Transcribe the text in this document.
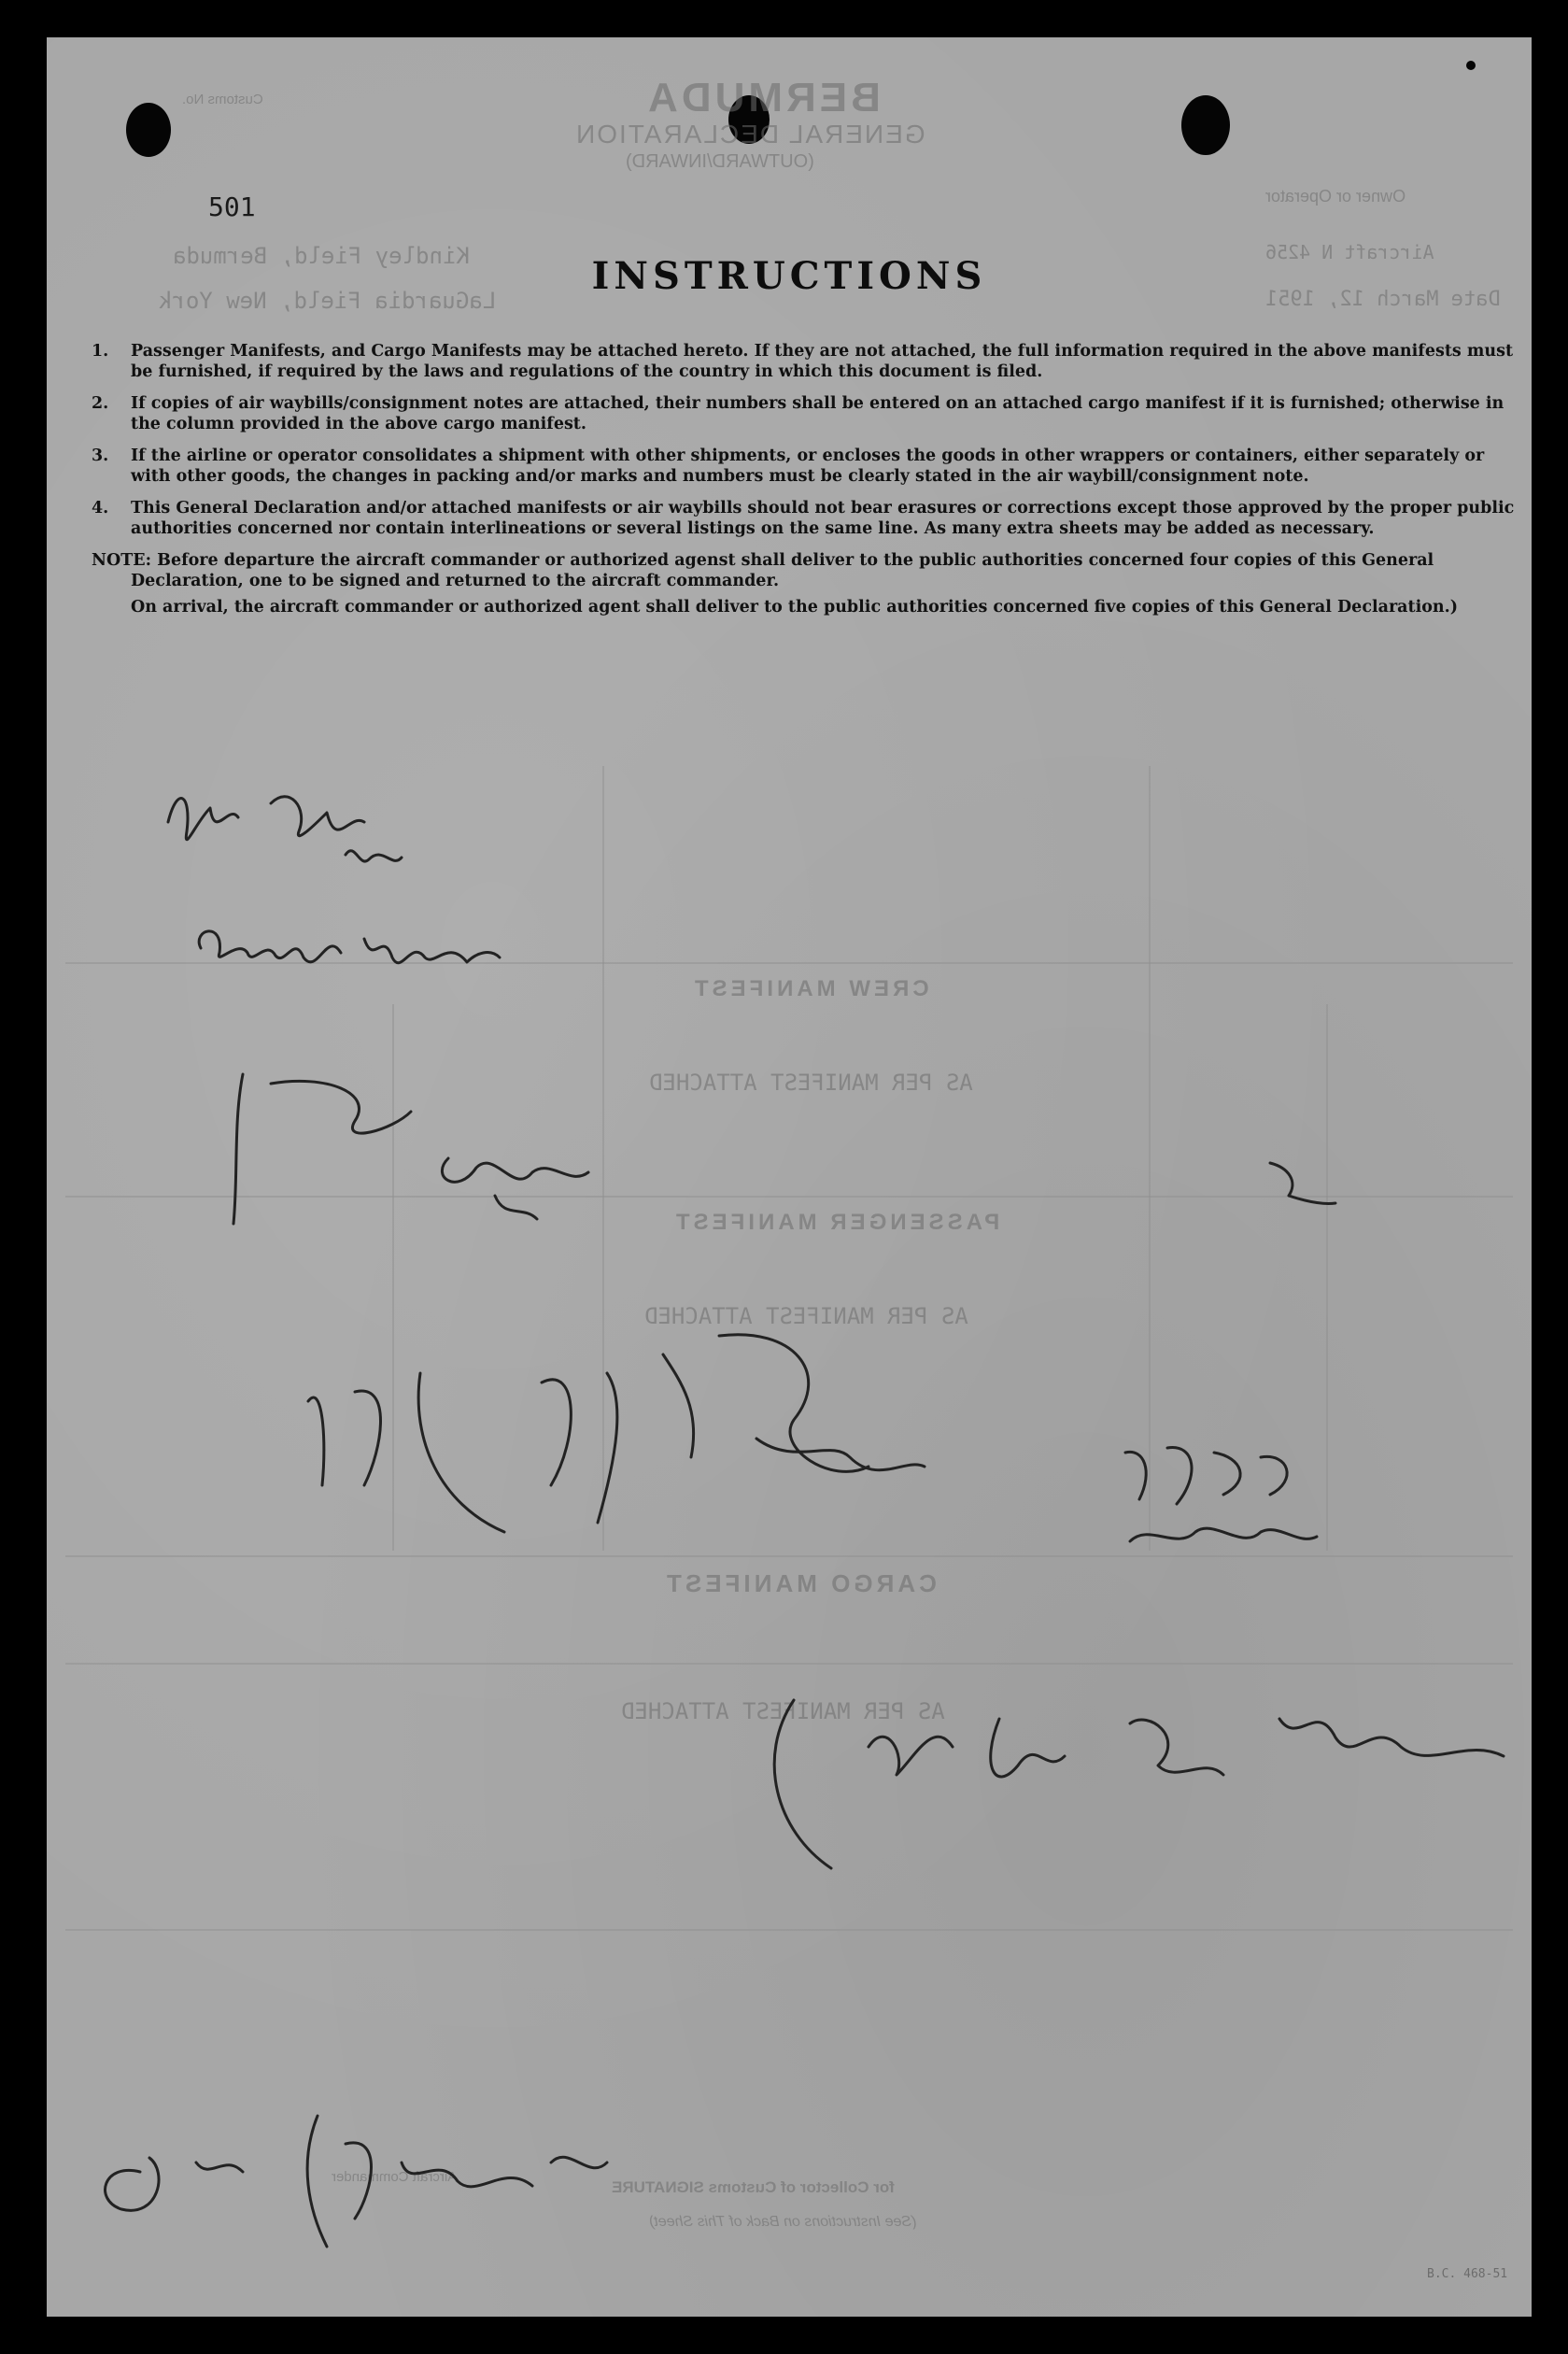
BERMUDA
GENERAL DECLARATION
(OUTWARD/INWARD)
Customs No.
Owner or Operator
Aircraft N 4256
Date March 12, 1951
Kindley Field, Bermuda
LaGuardia Field, New York
CREW MANIFEST
AS PER MANIFEST ATTACHED
PASSENGER MANIFEST
AS PER MANIFEST ATTACHED
CARGO MANIFEST
AS PER MANIFEST ATTACHED
for Collector of Customs SIGNATURE
(See Instructions on Back of This Sheet)
Aircraft Commander
501
INSTRUCTIONS
1. Passenger Manifests, and Cargo Manifests may be attached hereto. If they are not attached, the full information required in the above manifests must be furnished, if required by the laws and regulations of the country in which this document is filed.
2. If copies of air waybills/consignment notes are attached, their numbers shall be entered on an attached cargo manifest if it is furnished; otherwise in the column provided in the above cargo manifest.
3. If the airline or operator consolidates a shipment with other shipments, or encloses the goods in other wrappers or containers, either separately or with other goods, the changes in packing and/or marks and numbers must be clearly stated in the air waybill/consignment note.
4. This General Declaration and/or attached manifests or air waybills should not bear erasures or corrections except those approved by the proper public authorities concerned nor contain interlineations or several listings on the same line. As many extra sheets may be added as necessary.

NOTE: Before departure the aircraft commander or authorized agenst shall deliver to the public authorities concerned four copies of this General Declaration, one to be signed and returned to the aircraft commander.

On arrival, the aircraft commander or authorized agent shall deliver to the public authorities concerned five copies of this General Declaration.)

B.C. 468-51
